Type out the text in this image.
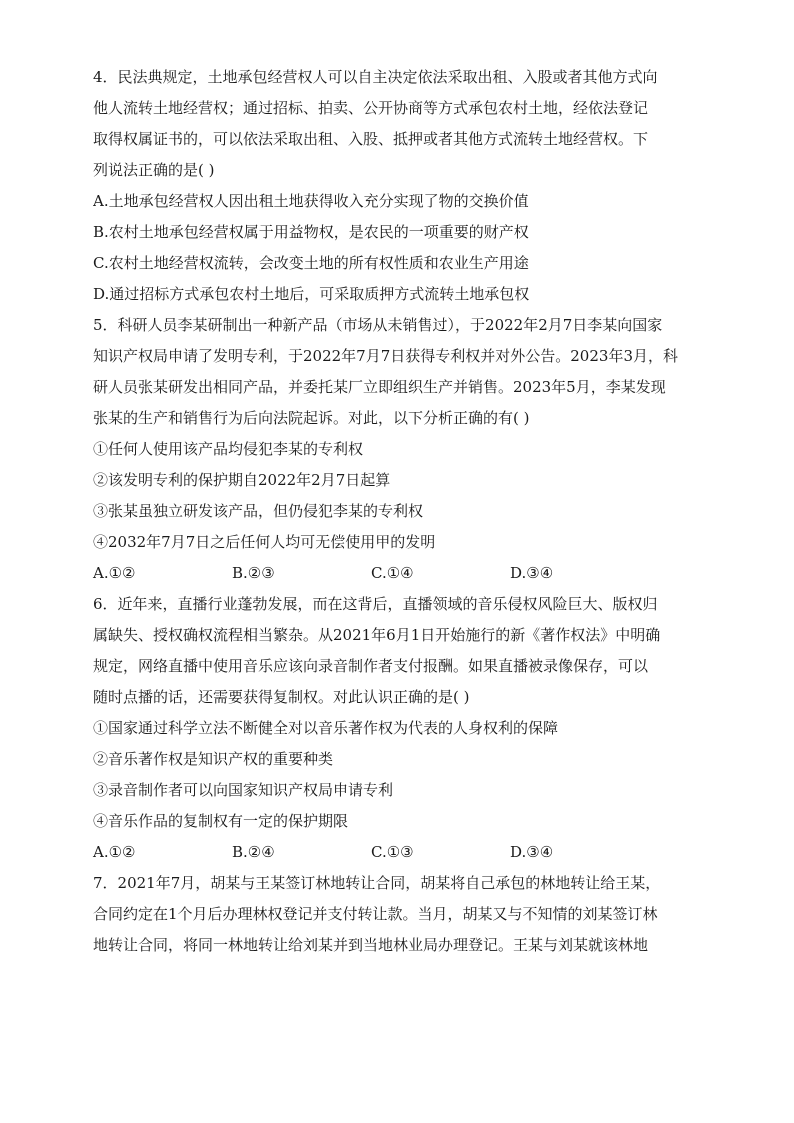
4．民法典规定，土地承包经营权人可以自主决定依法采取出租、入股或者其他方式向
他人流转土地经营权；通过招标、拍卖、公开协商等方式承包农村土地，经依法登记
取得权属证书的，可以依法采取出租、入股、抵押或者其他方式流转土地经营权。下
列说法正确的是( )
A.土地承包经营权人因出租土地获得收入充分实现了物的交换价值
B.农村土地承包经营权属于用益物权，是农民的一项重要的财产权
C.农村土地经营权流转，会改变土地的所有权性质和农业生产用途
D.通过招标方式承包农村土地后，可采取质押方式流转土地承包权
5．科研人员李某研制出一种新产品（市场从未销售过），于2022年2月7日李某向国家
知识产权局申请了发明专利，于2022年7月7日获得专利权并对外公告。2023年3月，科
研人员张某研发出相同产品，并委托某厂立即组织生产并销售。2023年5月，李某发现
张某的生产和销售行为后向法院起诉。对此，以下分析正确的有( )
①任何人使用该产品均侵犯李某的专利权
②该发明专利的保护期自2022年2月7日起算
③张某虽独立研发该产品，但仍侵犯李某的专利权
④2032年7月7日之后任何人均可无偿使用甲的发明
A.①②	B.②③	C.①④	D.③④
6．近年来，直播行业蓬勃发展，而在这背后，直播领域的音乐侵权风险巨大、版权归
属缺失、授权确权流程相当繁杂。从2021年6月1日开始施行的新《著作权法》中明确
规定，网络直播中使用音乐应该向录音制作者支付报酬。如果直播被录像保存，可以
随时点播的话，还需要获得复制权。对此认识正确的是( )
①国家通过科学立法不断健全对以音乐著作权为代表的人身权利的保障
②音乐著作权是知识产权的重要种类
③录音制作者可以向国家知识产权局申请专利
④音乐作品的复制权有一定的保护期限
A.①②	B.②④	C.①③	D.③④
7．2021年7月，胡某与王某签订林地转让合同，胡某将自己承包的林地转让给王某，
合同约定在1个月后办理林权登记并支付转让款。当月，胡某又与不知情的刘某签订林
地转让合同，将同一林地转让给刘某并到当地林业局办理登记。王某与刘某就该林地
